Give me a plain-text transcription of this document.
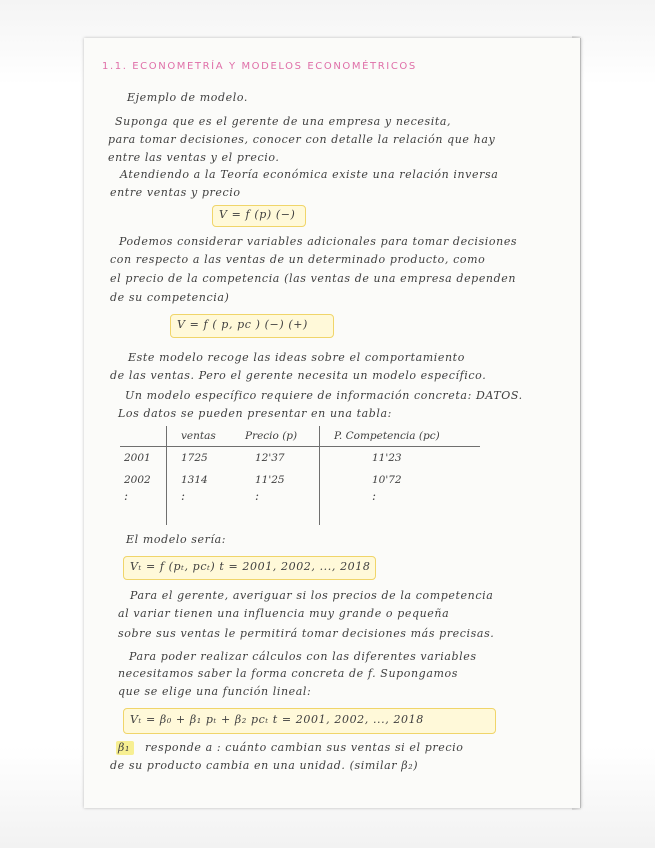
1.1. ECONOMETRÍA Y MODELOS ECONOMÉTRICOS
Ejemplo de modelo.
Suponga que es el gerente de una empresa y necesita,
para tomar decisiones, conocer con detalle la relación que hay
entre las ventas y el precio.
Atendiendo a la Teoría económica existe una relación inversa
entre ventas y precio
V = f (p) (−)
Podemos considerar variables adicionales para tomar decisiones
con respecto a las ventas de un determinado producto, como
el precio de la competencia (las ventas de una empresa dependen
de su competencia)
V = f ( p, pc ) (−) (+)
Este modelo recoge las ideas sobre el comportamiento
de las ventas. Pero el gerente necesita un modelo específico.
Un modelo específico requiere de información concreta: DATOS.
Los datos se pueden presentar en una tabla:
	ventas	Precio (p)	P. Competencia (pc)
2001	1725	12'37	11'23
2002	1314	11'25	10'72
:	:	:	:
El modelo sería:
Vₜ = f (pₜ, pcₜ) t = 2001, 2002, ..., 2018
Para el gerente, averiguar si los precios de la competencia
al variar tienen una influencia muy grande o pequeña
sobre sus ventas le permitirá tomar decisiones más precisas.
Para poder realizar cálculos con las diferentes variables
necesitamos saber la forma concreta de f. Supongamos
que se elige una función lineal:
Vₜ = β₀ + β₁ pₜ + β₂ pcₜ t = 2001, 2002, ..., 2018
β₁ responde a : cuánto cambian sus ventas si el precio
de su producto cambia en una unidad. (similar β₂)
